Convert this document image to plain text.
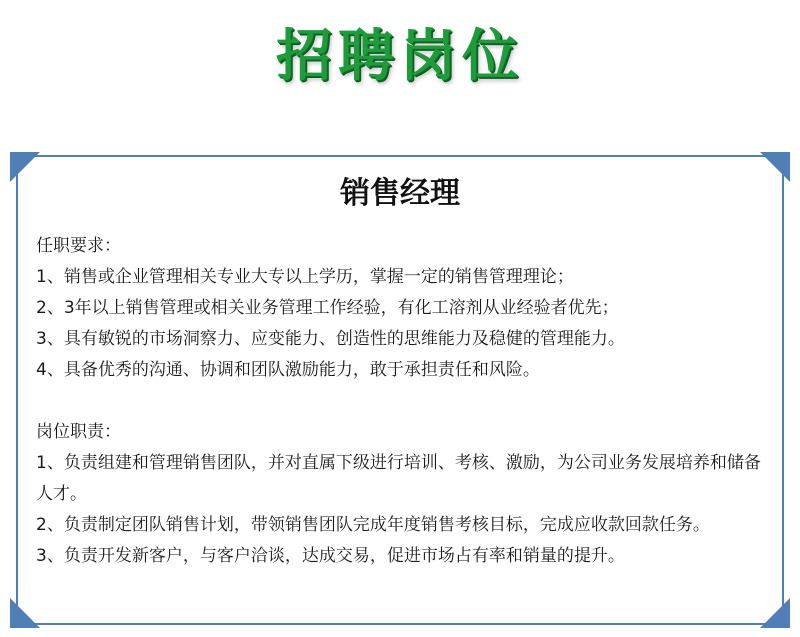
招聘岗位
销售经理

任职要求：

1、销售或企业管理相关专业大专以上学历，掌握一定的销售管理理论；

2、3年以上销售管理或相关业务管理工作经验，有化工溶剂从业经验者优先；

3、具有敏锐的市场洞察力、应变能力、创造性的思维能力及稳健的管理能力。

4、具备优秀的沟通、协调和团队激励能力，敢于承担责任和风险。

岗位职责：

1、负责组建和管理销售团队，并对直属下级进行培训、考核、激励，为公司业务发展培养和储备人才。

2、负责制定团队销售计划，带领销售团队完成年度销售考核目标，完成应收款回款任务。

3、负责开发新客户，与客户洽谈，达成交易，促进市场占有率和销量的提升。
